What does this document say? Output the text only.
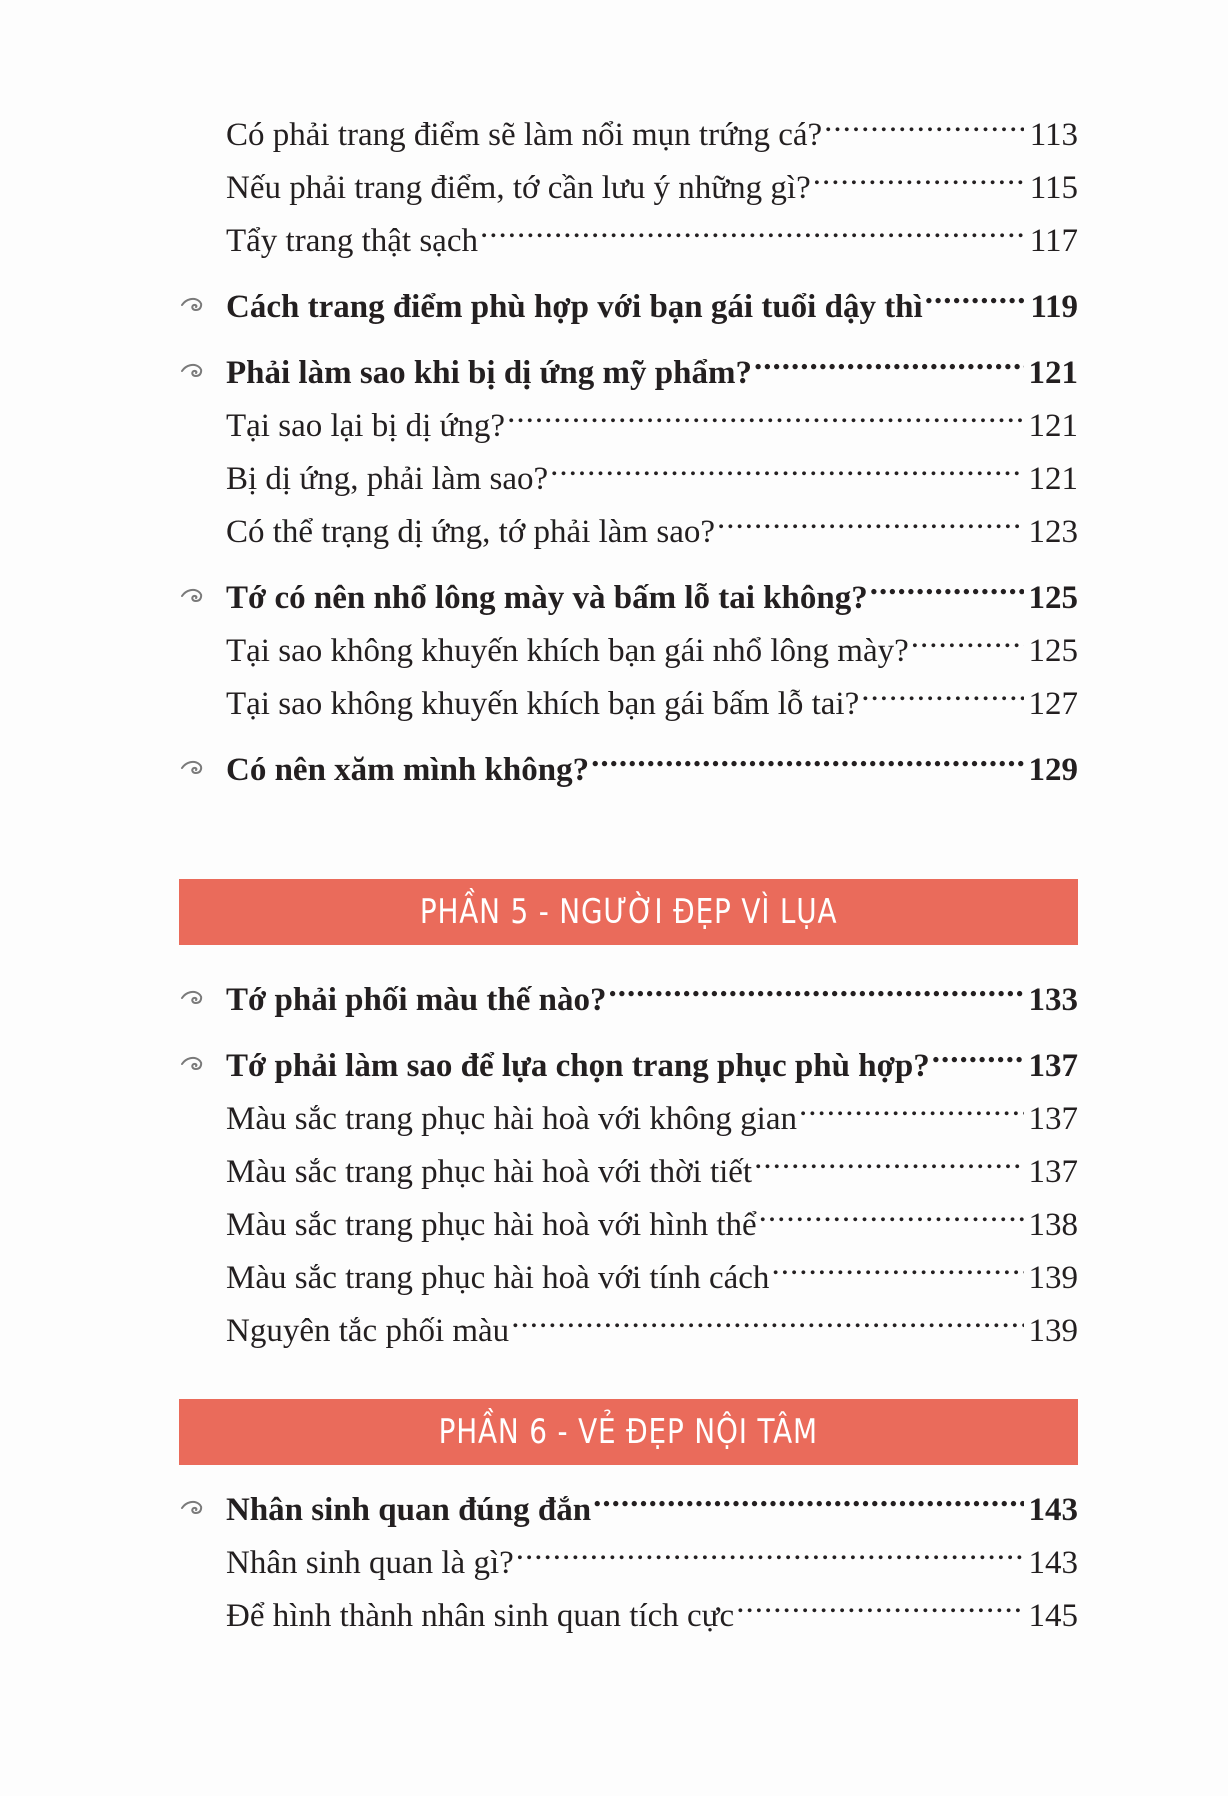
Có phải trang điểm sẽ làm nổi mụn trứng cá? .....	113
Nếu phải trang điểm, tớ cần lưu ý những gì? .....	115
Tẩy trang thật sạch .....	117
Cách trang điểm phù hợp với bạn gái tuổi dậy thì .....	119
Phải làm sao khi bị dị ứng mỹ phẩm? .....	121
Tại sao lại bị dị ứng? .....	121
Bị dị ứng, phải làm sao? .....	121
Có thể trạng dị ứng, tớ phải làm sao? .....	123
Tớ có nên nhổ lông mày và bấm lỗ tai không? .....	125
Tại sao không khuyến khích bạn gái nhổ lông mày? .....	125
Tại sao không khuyến khích bạn gái bấm lỗ tai? .....	127
Có nên xăm mình không? .....	129
PHẦN 5 - NGƯỜI ĐẸP VÌ LỤA
Tớ phải phối màu thế nào? .....	133
Tớ phải làm sao để lựa chọn trang phục phù hợp? .....	137
Màu sắc trang phục hài hoà với không gian .....	137
Màu sắc trang phục hài hoà với thời tiết .....	137
Màu sắc trang phục hài hoà với hình thể .....	138
Màu sắc trang phục hài hoà với tính cách .....	139
Nguyên tắc phối màu .....	139
PHẦN 6 - VẺ ĐẸP NỘI TÂM
Nhân sinh quan đúng đắn .....	143
Nhân sinh quan là gì? .....	143
Để hình thành nhân sinh quan tích cực .....	145
